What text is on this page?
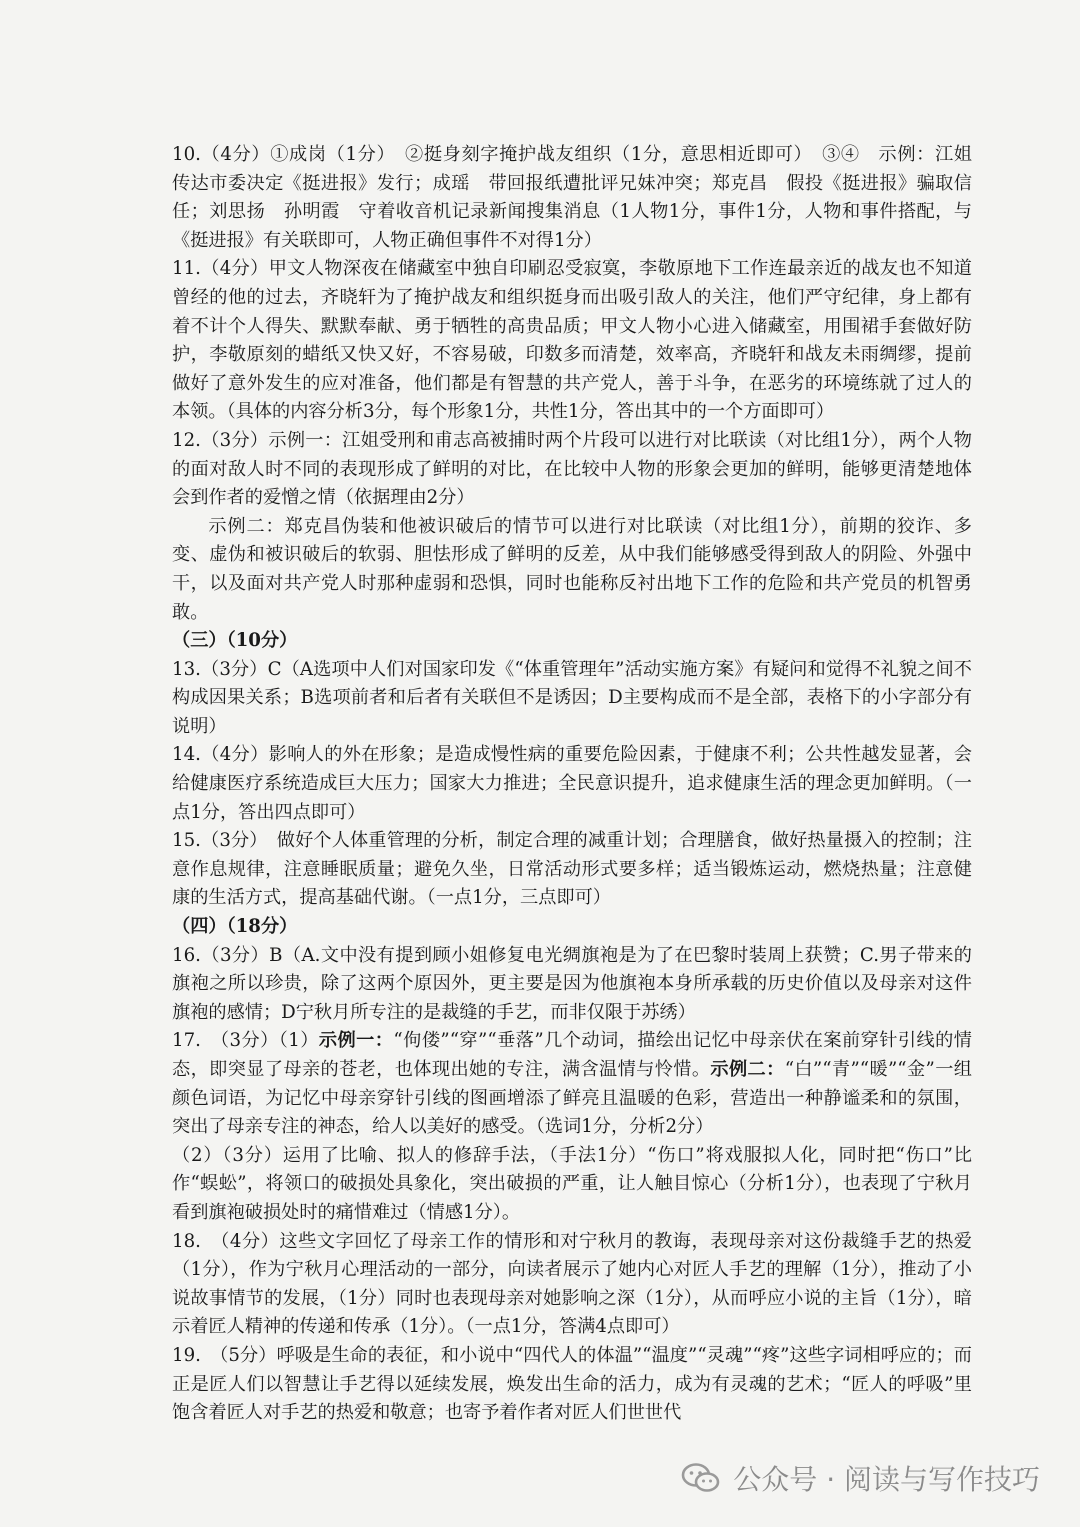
10.（4分）①成岗（1分）　②挺身刻字掩护战友组织（1分，意思相近即可）　③④　示例：江姐　传达市委决定《挺进报》发行；成瑶　带回报纸遭批评兄妹冲突；郑克昌　假投《挺进报》骗取信任；刘思扬　孙明霞　守着收音机记录新闻搜集消息（1人物1分，事件1分，人物和事件搭配，与《挺进报》有关联即可，人物正确但事件不对得1分）

11.（4分）甲文人物深夜在储藏室中独自印刷忍受寂寞，李敬原地下工作连最亲近的战友也不知道曾经的他的过去，齐晓轩为了掩护战友和组织挺身而出吸引敌人的关注，他们严守纪律，身上都有着不计个人得失、默默奉献、勇于牺牲的高贵品质；甲文人物小心进入储藏室，用围裙手套做好防护，李敬原刻的蜡纸又快又好，不容易破，印数多而清楚，效率高，齐晓轩和战友未雨绸缪，提前做好了意外发生的应对准备，他们都是有智慧的共产党人，善于斗争，在恶劣的环境练就了过人的本领。（具体的内容分析3分，每个形象1分，共性1分，答出其中的一个方面即可）

12.（3分）示例一：江姐受刑和甫志高被捕时两个片段可以进行对比联读（对比组1分），两个人物的面对敌人时不同的表现形成了鲜明的对比，在比较中人物的形象会更加的鲜明，能够更清楚地体会到作者的爱憎之情（依据理由2分）

示例二：郑克昌伪装和他被识破后的情节可以进行对比联读（对比组1分），前期的狡诈、多变、虚伪和被识破后的软弱、胆怯形成了鲜明的反差，从中我们能够感受得到敌人的阴险、外强中干，以及面对共产党人时那种虚弱和恐惧，同时也能称反衬出地下工作的危险和共产党员的机智勇敢。

（三）（10分）

13.（3分）C（A选项中人们对国家印发《“体重管理年”活动实施方案》有疑问和觉得不礼貌之间不构成因果关系；B选项前者和后者有关联但不是诱因；D主要构成而不是全部，表格下的小字部分有说明）

14.（4分）影响人的外在形象；是造成慢性病的重要危险因素，于健康不利；公共性越发显著，会给健康医疗系统造成巨大压力；国家大力推进；全民意识提升，追求健康生活的理念更加鲜明。（一点1分，答出四点即可）

15.（3分）　做好个人体重管理的分析，制定合理的减重计划；合理膳食，做好热量摄入的控制；注意作息规律，注意睡眠质量；避免久坐，日常活动形式要多样；适当锻炼运动，燃烧热量；注意健康的生活方式，提高基础代谢。（一点1分，三点即可）

（四）（18分）

16.（3分）B（A.文中没有提到顾小姐修复电光绸旗袍是为了在巴黎时装周上获赞；C.男子带来的旗袍之所以珍贵，除了这两个原因外，更主要是因为他旗袍本身所承载的历史价值以及母亲对这件旗袍的感情；D宁秋月所专注的是裁缝的手艺，而非仅限于苏绣）

17.　（3分）（1）示例一：“佝偻”“穿”“垂落”几个动词，描绘出记忆中母亲伏在案前穿针引线的情态，即突显了母亲的苍老，也体现出她的专注，满含温情与怜惜。示例二：“白”“青”“暖”“金”一组颜色词语，为记忆中母亲穿针引线的图画增添了鲜亮且温暖的色彩，营造出一种静谧柔和的氛围，突出了母亲专注的神态，给人以美好的感受。（选词1分，分析2分）

（2）（3分）运用了比喻、拟人的修辞手法，（手法1分）“伤口”将戏服拟人化，同时把“伤口”比作“蜈蚣”，将领口的破损处具象化，突出破损的严重，让人触目惊心（分析1分），也表现了宁秋月看到旗袍破损处时的痛惜难过（情感1分）。

18.　（4分）这些文字回忆了母亲工作的情形和对宁秋月的教诲，表现母亲对这份裁缝手艺的热爱（1分），作为宁秋月心理活动的一部分，向读者展示了她内心对匠人手艺的理解（1分），推动了小说故事情节的发展，（1分）同时也表现母亲对她影响之深（1分），从而呼应小说的主旨（1分），暗示着匠人精神的传递和传承（1分）。（一点1分，答满4点即可）

19.　（5分）呼吸是生命的表征，和小说中“四代人的体温”“温度”“灵魂”“疼”这些字词相呼应的；而正是匠人们以智慧让手艺得以延续发展，焕发出生命的活力，成为有灵魂的艺术；“匠人的呼吸”里饱含着匠人对手艺的热爱和敬意；也寄予着作者对匠人们世世代

公众号 · 阅读与写作技巧
